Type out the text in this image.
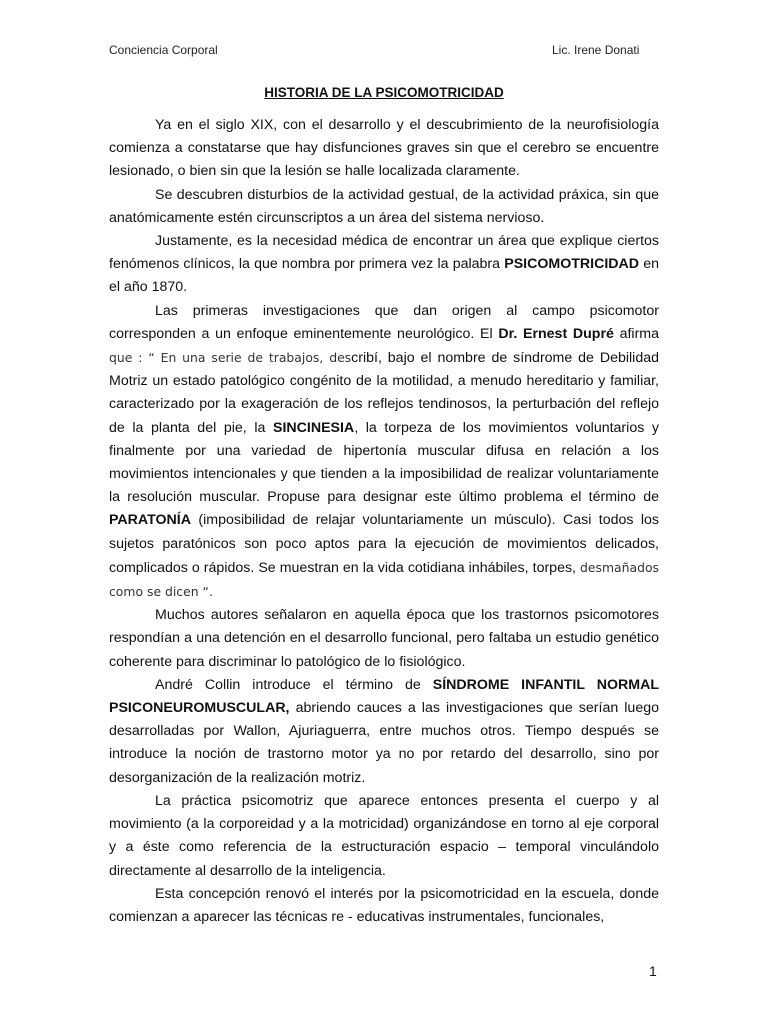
Conciencia Corporal	Lic. Irene Donati
HISTORIA DE LA PSICOMOTRICIDAD

Ya en el siglo XIX, con el desarrollo y el descubrimiento de la neurofisiología comienza a constatarse que hay disfunciones graves sin que el cerebro se encuentre lesionado, o bien sin que la lesión se halle localizada claramente.

Se descubren disturbios de la actividad gestual, de la actividad práxica, sin que anatómicamente estén circunscriptos a un área del sistema nervioso.

Justamente, es la necesidad médica de encontrar un área que explique ciertos fenómenos clínicos, la que nombra por primera vez la palabra PSICOMOTRICIDAD en el año 1870.

Las primeras investigaciones que dan origen al campo psicomotor corresponden a un enfoque eminentemente neurológico. El Dr. Ernest Dupré afirma que : “ En una serie de trabajos, describí, bajo el nombre de síndrome de Debilidad Motriz un estado patológico congénito de la motilidad, a menudo hereditario y familiar, caracterizado por la exageración de los reflejos tendinosos, la perturbación del reflejo de la planta del pie, la SINCINESIA, la torpeza de los movimientos voluntarios y finalmente por una variedad de hipertonía muscular difusa en relación a los movimientos intencionales y que tienden a la imposibilidad de realizar voluntariamente la resolución muscular. Propuse para designar este último problema el término de PARATONÍA (imposibilidad de relajar voluntariamente un músculo). Casi todos los sujetos paratónicos son poco aptos para la ejecución de movimientos delicados, complicados o rápidos. Se muestran en la vida cotidiana inhábiles, torpes, desmañados como se dicen “.

Muchos autores señalaron en aquella época que los trastornos psicomotores respondían a una detención en el desarrollo funcional, pero faltaba un estudio genético coherente para discriminar lo patológico de lo fisiológico.

André Collin introduce el término de SÍNDROME INFANTIL NORMAL PSICONEUROMUSCULAR, abriendo cauces a las investigaciones que serían luego desarrolladas por Wallon, Ajuriaguerra, entre muchos otros. Tiempo después se introduce la noción de trastorno motor ya no por retardo del desarrollo, sino por desorganización de la realización motriz.

La práctica psicomotriz que aparece entonces presenta el cuerpo y al movimiento (a la corporeidad y a la motricidad) organizándose en torno al eje corporal y a éste como referencia de la estructuración espacio – temporal vinculándolo directamente al desarrollo de la inteligencia.

Esta concepción renovó el interés por la psicomotricidad en la escuela, donde comienzan a aparecer las técnicas re - educativas instrumentales, funcionales,

1
